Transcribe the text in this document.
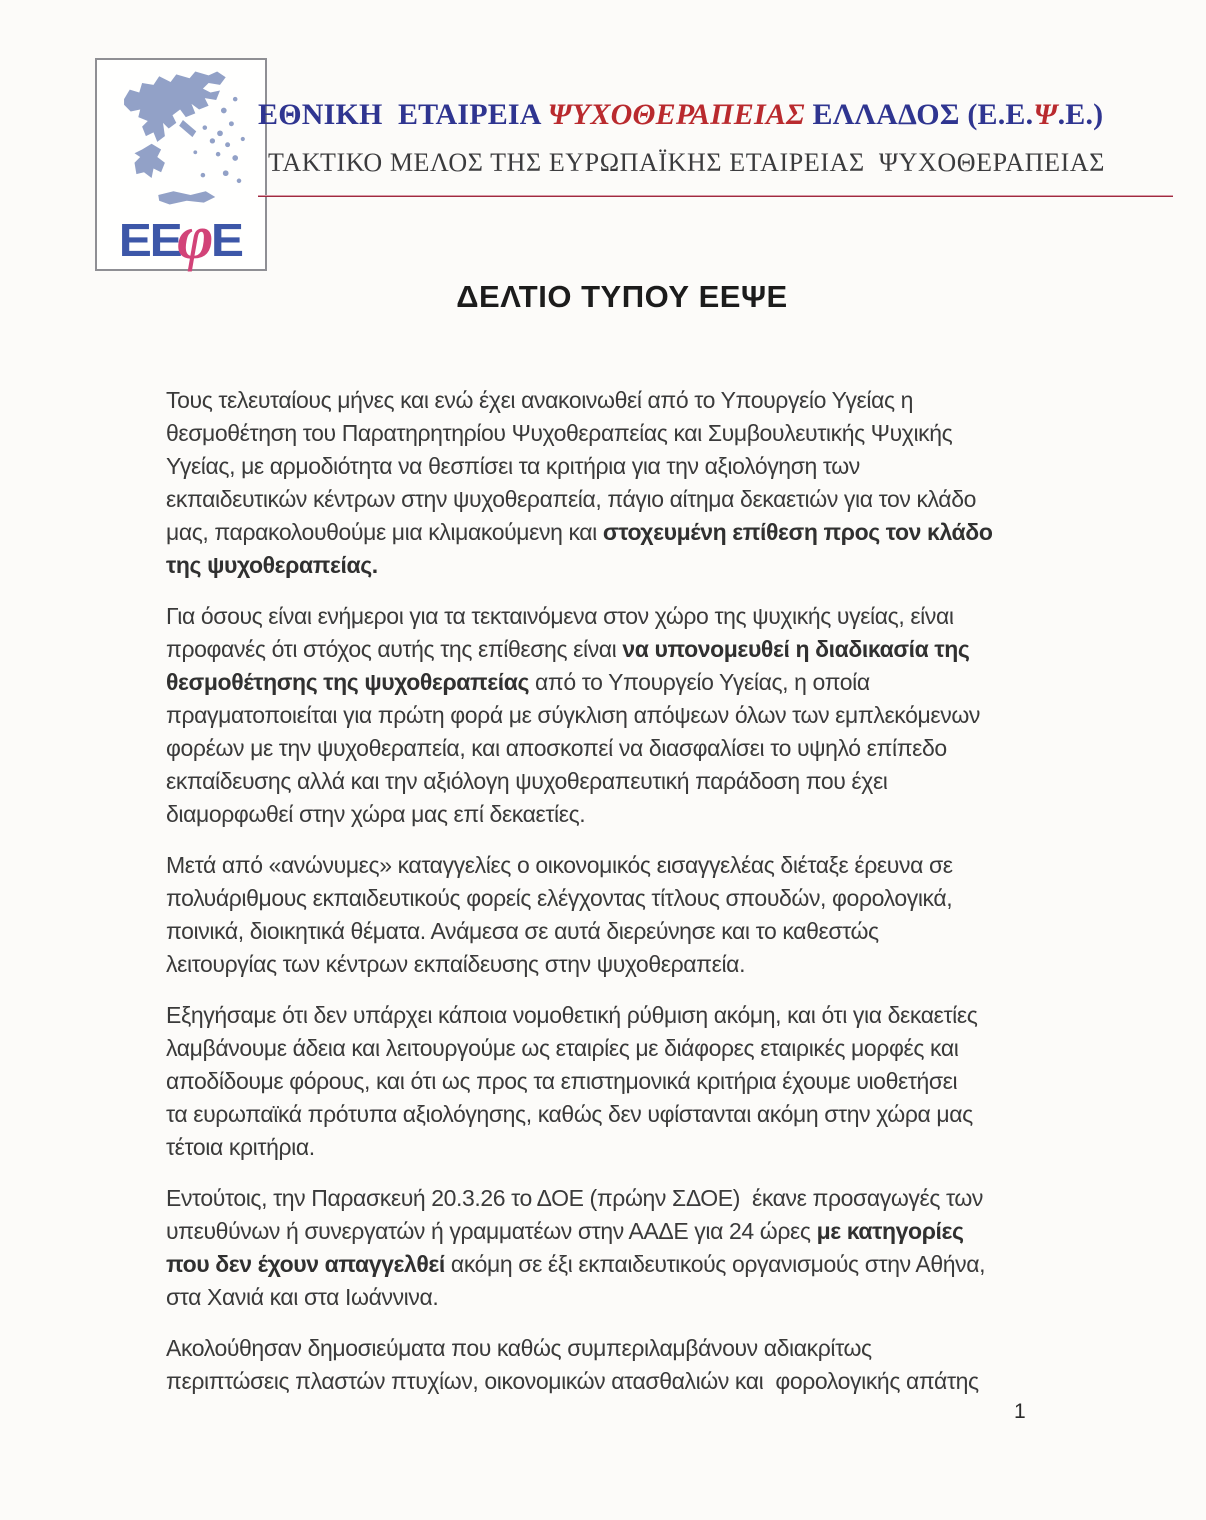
ΕΕ
φ
Ε
ΕΘΝΙΚΗ  ΕΤΑΙΡΕΙΑ ΨΥΧΟΘΕΡΑΠΕΙΑΣ ΕΛΛΑΔΟΣ (Ε.Ε.Ψ.Ε.)
ΤΑΚΤΙΚΟ ΜΕΛΟΣ ΤΗΣ ΕΥΡΩΠΑΪΚΗΣ ΕΤΑΙΡΕΙΑΣ  ΨΥΧΟΘΕΡΑΠΕΙΑΣ
ΔΕΛΤΙΟ ΤΥΠΟΥ ΕΕΨΕ
Τους τελευταίους μήνες και ενώ έχει ανακοινωθεί από το Υπουργείο Υγείας η
θεσμοθέτηση του Παρατηρητηρίου Ψυχοθεραπείας και Συμβουλευτικής Ψυχικής
Υγείας, με αρμοδιότητα να θεσπίσει τα κριτήρια για την αξιολόγηση των
εκπαιδευτικών κέντρων στην ψυχοθεραπεία, πάγιο αίτημα δεκαετιών για τον κλάδο
μας, παρακολουθούμε μια κλιμακούμενη και στοχευμένη επίθεση προς τον κλάδο
της ψυχοθεραπείας.
Για όσους είναι ενήμεροι για τα τεκταινόμενα στον χώρο της ψυχικής υγείας, είναι
προφανές ότι στόχος αυτής της επίθεσης είναι να υπονομευθεί η διαδικασία της
θεσμοθέτησης της ψυχοθεραπείας από το Υπουργείο Υγείας, η οποία
πραγματοποιείται για πρώτη φορά με σύγκλιση απόψεων όλων των εμπλεκόμενων
φορέων με την ψυχοθεραπεία, και αποσκοπεί να διασφαλίσει το υψηλό επίπεδο
εκπαίδευσης αλλά και την αξιόλογη ψυχοθεραπευτική παράδοση που έχει
διαμορφωθεί στην χώρα μας επί δεκαετίες.
Μετά από «ανώνυμες» καταγγελίες ο οικονομικός εισαγγελέας διέταξε έρευνα σε
πολυάριθμους εκπαιδευτικούς φορείς ελέγχοντας τίτλους σπουδών, φορολογικά,
ποινικά, διοικητικά θέματα. Ανάμεσα σε αυτά διερεύνησε και το καθεστώς
λειτουργίας των κέντρων εκπαίδευσης στην ψυχοθεραπεία.
Εξηγήσαμε ότι δεν υπάρχει κάποια νομοθετική ρύθμιση ακόμη, και ότι για δεκαετίες
λαμβάνουμε άδεια και λειτουργούμε ως εταιρίες με διάφορες εταιρικές μορφές και
αποδίδουμε φόρους, και ότι ως προς τα επιστημονικά κριτήρια έχουμε υιοθετήσει
τα ευρωπαϊκά πρότυπα αξιολόγησης, καθώς δεν υφίστανται ακόμη στην χώρα μας
τέτοια κριτήρια.
Εντούτοις, την Παρασκευή 20.3.26 το ΔΟΕ (πρώην ΣΔΟΕ)  έκανε προσαγωγές των
υπευθύνων ή συνεργατών ή γραμματέων στην ΑΑΔΕ για 24 ώρες με κατηγορίες
που δεν έχουν απαγγελθεί ακόμη σε έξι εκπαιδευτικούς οργανισμούς στην Αθήνα,
στα Χανιά και στα Ιωάννινα.
Ακολούθησαν δημοσιεύματα που καθώς συμπεριλαμβάνουν αδιακρίτως
περιπτώσεις πλαστών πτυχίων, οικονομικών ατασθαλιών και  φορολογικής απάτης
1
